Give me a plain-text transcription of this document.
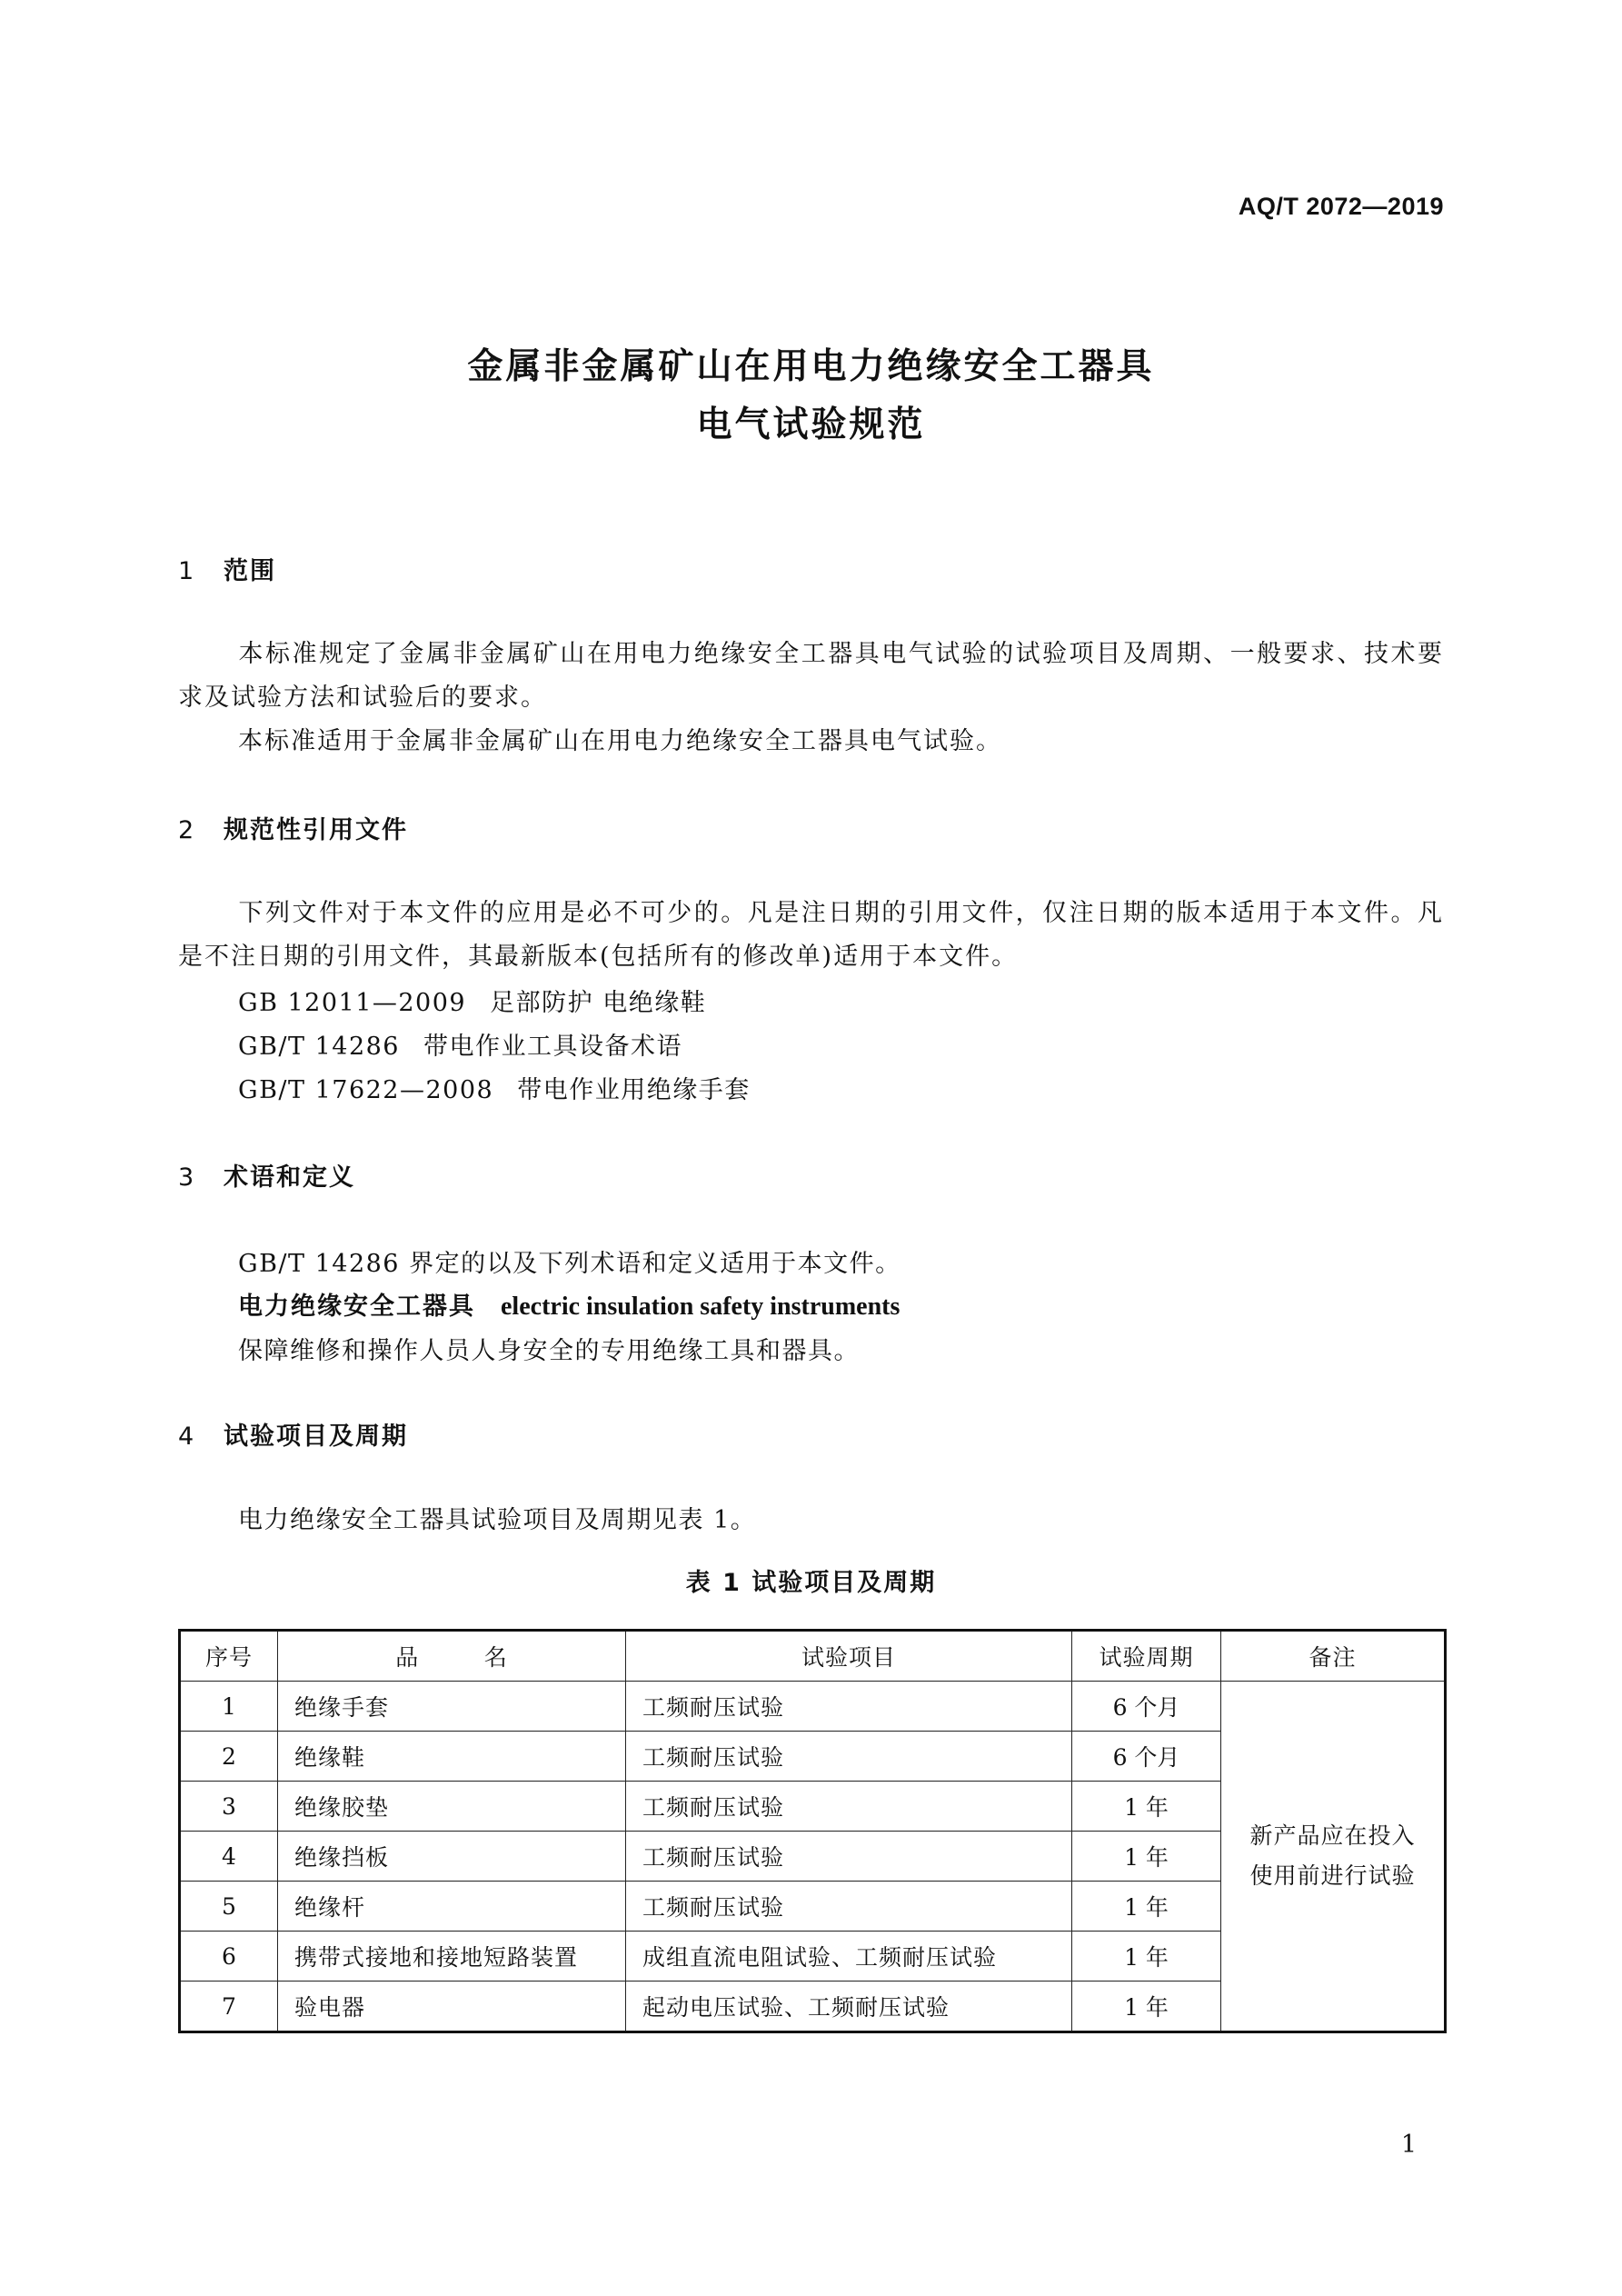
AQ/T 2072—2019
金属非金属矿山在用电力绝缘安全工器具
电气试验规范
1 范围
本标准规定了金属非金属矿山在用电力绝缘安全工器具电气试验的试验项目及周期、一般要求、技术要求及试验方法和试验后的要求。
本标准适用于金属非金属矿山在用电力绝缘安全工器具电气试验。
2 规范性引用文件
下列文件对于本文件的应用是必不可少的。凡是注日期的引用文件，仅注日期的版本适用于本文件。凡是不注日期的引用文件，其最新版本(包括所有的修改单)适用于本文件。
GB 12011—2009 足部防护 电绝缘鞋
GB/T 14286 带电作业工具设备术语
GB/T 17622—2008 带电作业用绝缘手套
3 术语和定义
GB/T 14286 界定的以及下列术语和定义适用于本文件。
电力绝缘安全工器具 electric insulation safety instruments
保障维修和操作人员人身安全的专用绝缘工具和器具。
4 试验项目及周期
电力绝缘安全工器具试验项目及周期见表 1。
表 1 试验项目及周期
序号	品        名	试验项目	试验周期	备注
1	绝缘手套	工频耐压试验	6 个月	新产品应在投入
使用前进行试验

2	绝缘鞋	工频耐压试验	6 个月	
3	绝缘胶垫	工频耐压试验	1 年	
4	绝缘挡板	工频耐压试验	1 年	
5	绝缘杆	工频耐压试验	1 年	
6	携带式接地和接地短路装置	成组直流电阻试验、工频耐压试验	1 年	
7	验电器	起动电压试验、工频耐压试验	1 年	
1
